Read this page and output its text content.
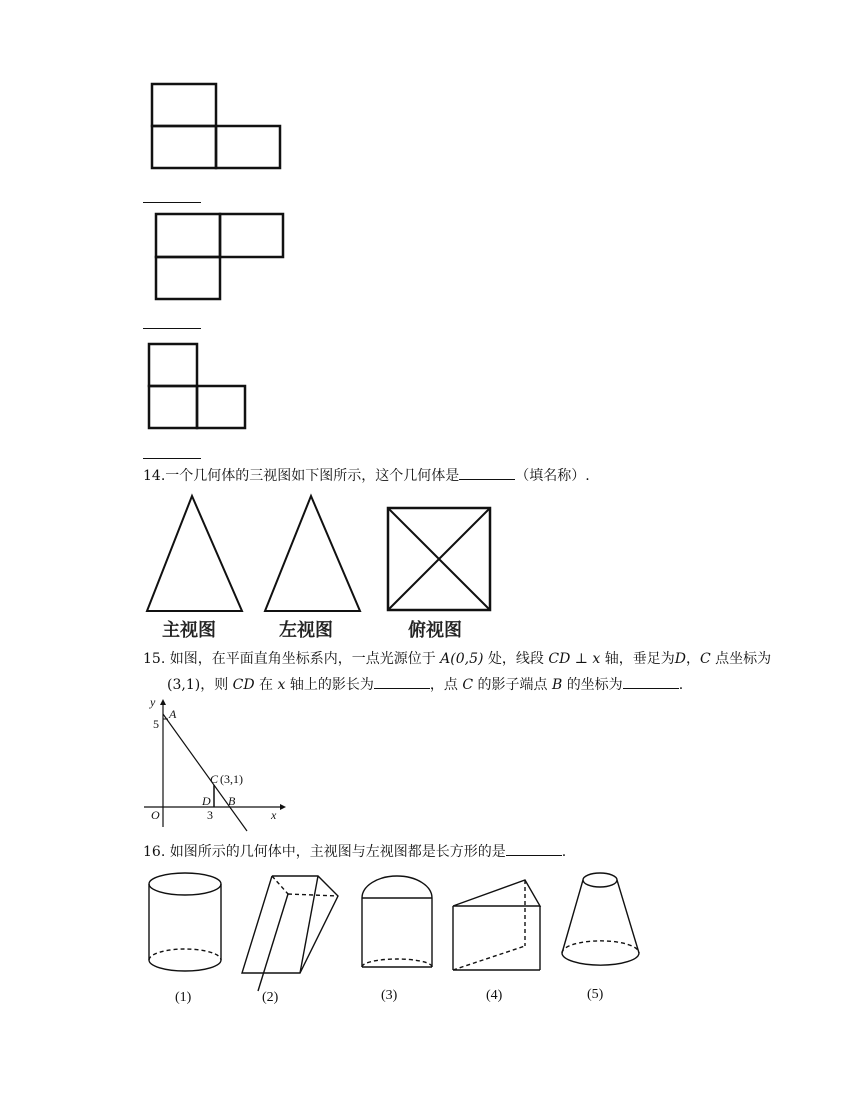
14.一个几何体的三视图如下图所示，这个几何体是	（填名称）.
主视图	左视图	俯视图
15. 如图，在平面直角坐标系内，一点光源位于 A(0,5) 处，线段 CD ⊥ x 轴，垂足为D，C 点坐标为
(3,1)，则 CD 在 x 轴上的影长为	，点 C 的影子端点 B 的坐标为	.
y
A
5
C (3,1)
D B
O	3	x
16. 如图所示的几何体中，主视图与左视图都是长方形的是	.
(1)	(2)	(3)	(4)	(5)
